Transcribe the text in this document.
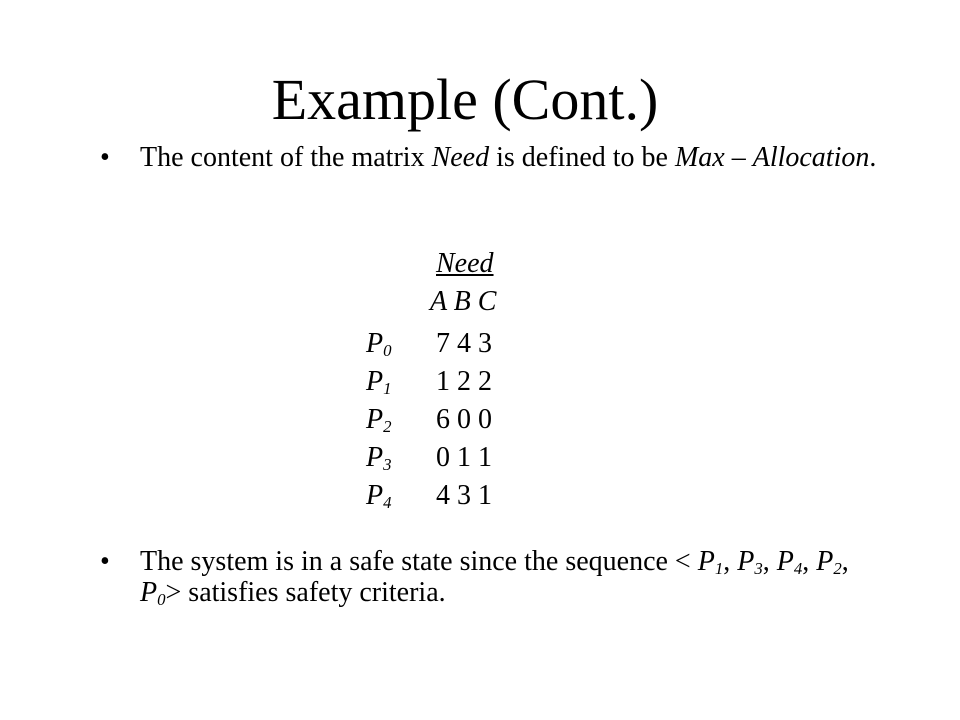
Example (Cont.)
• The content of the matrix Need is defined to be Max – Allocation.
Need
A B C
$P_0$ 7 4 3
$P_1$ 1 2 2
$P_2$ 6 0 0
$P_3$ 0 1 1
$P_4$ 4 3 1
• The system is in a safe state since the sequence < $P_1$, $P_3$, $P_4$, $P_2$, $P_0>$ satisfies safety criteria.
